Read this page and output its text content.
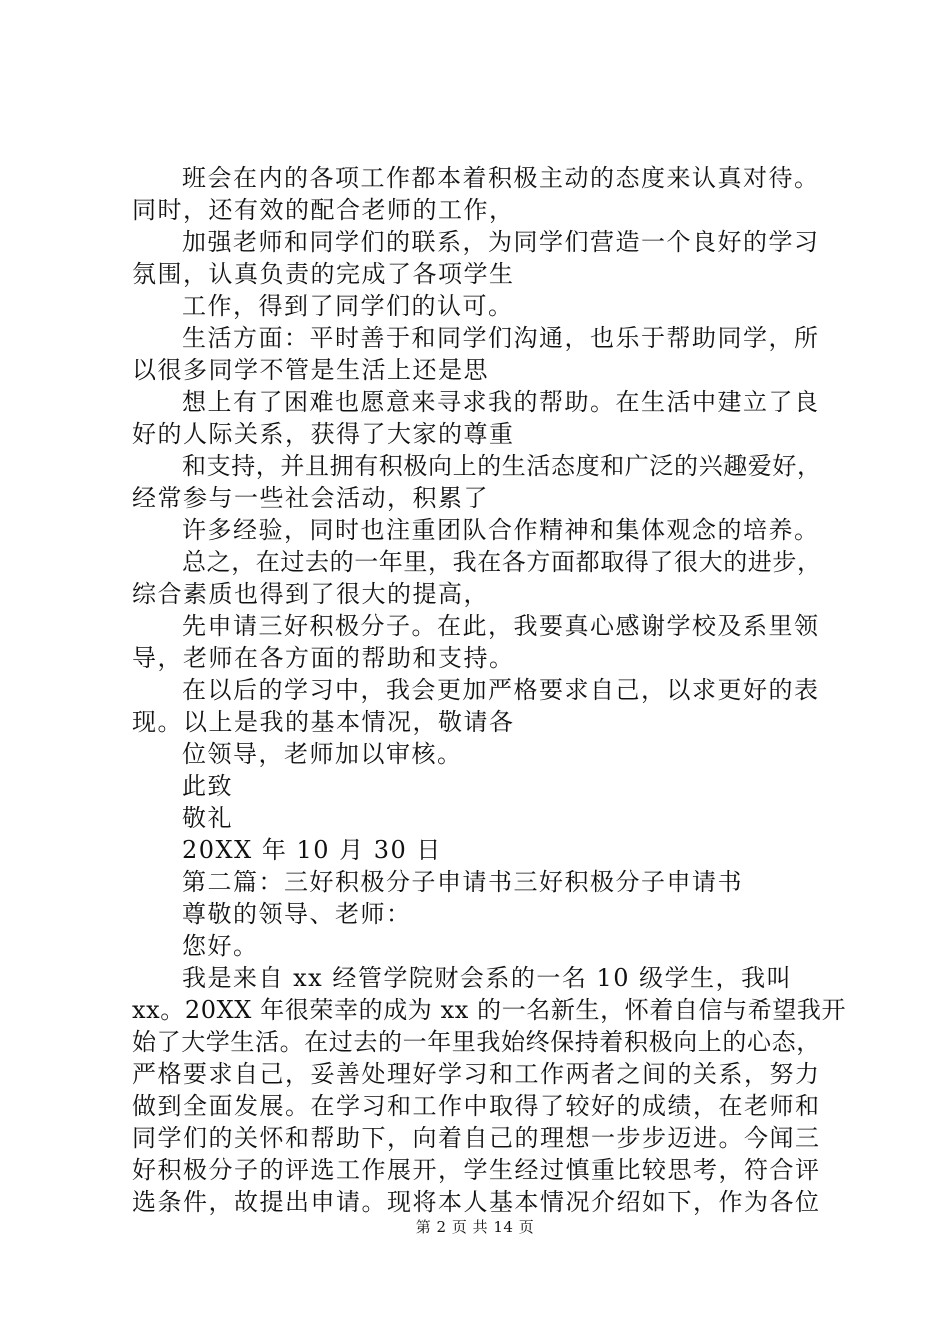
班会在内的各项工作都本着积极主动的态度来认真对待。
同时，还有效的配合老师的工作，
加强老师和同学们的联系，为同学们营造一个良好的学习
氛围，认真负责的完成了各项学生
工作，得到了同学们的认可。
生活方面：平时善于和同学们沟通，也乐于帮助同学，所
以很多同学不管是生活上还是思
想上有了困难也愿意来寻求我的帮助。在生活中建立了良
好的人际关系，获得了大家的尊重
和支持，并且拥有积极向上的生活态度和广泛的兴趣爱好，
经常参与一些社会活动，积累了
许多经验，同时也注重团队合作精神和集体观念的培养。
总之，在过去的一年里，我在各方面都取得了很大的进步，
综合素质也得到了很大的提高，
先申请三好积极分子。在此，我要真心感谢学校及系里领
导，老师在各方面的帮助和支持。
在以后的学习中，我会更加严格要求自己，以求更好的表
现。以上是我的基本情况，敬请各
位领导，老师加以审核。
此致
敬礼
20XX 年 10 月 30 日
第二篇：三好积极分子申请书三好积极分子申请书
尊敬的领导、老师：
您好。
我是来自 xx 经管学院财会系的一名 10 级学生，我叫
xx。20XX 年很荣幸的成为 xx 的一名新生，怀着自信与希望我开
始了大学生活。在过去的一年里我始终保持着积极向上的心态，
严格要求自己，妥善处理好学习和工作两者之间的关系，努力
做到全面发展。在学习和工作中取得了较好的成绩，在老师和
同学们的关怀和帮助下，向着自己的理想一步步迈进。今闻三
好积极分子的评选工作展开，学生经过慎重比较思考，符合评
选条件，故提出申请。现将本人基本情况介绍如下，作为各位
第 2 页 共 14 页
